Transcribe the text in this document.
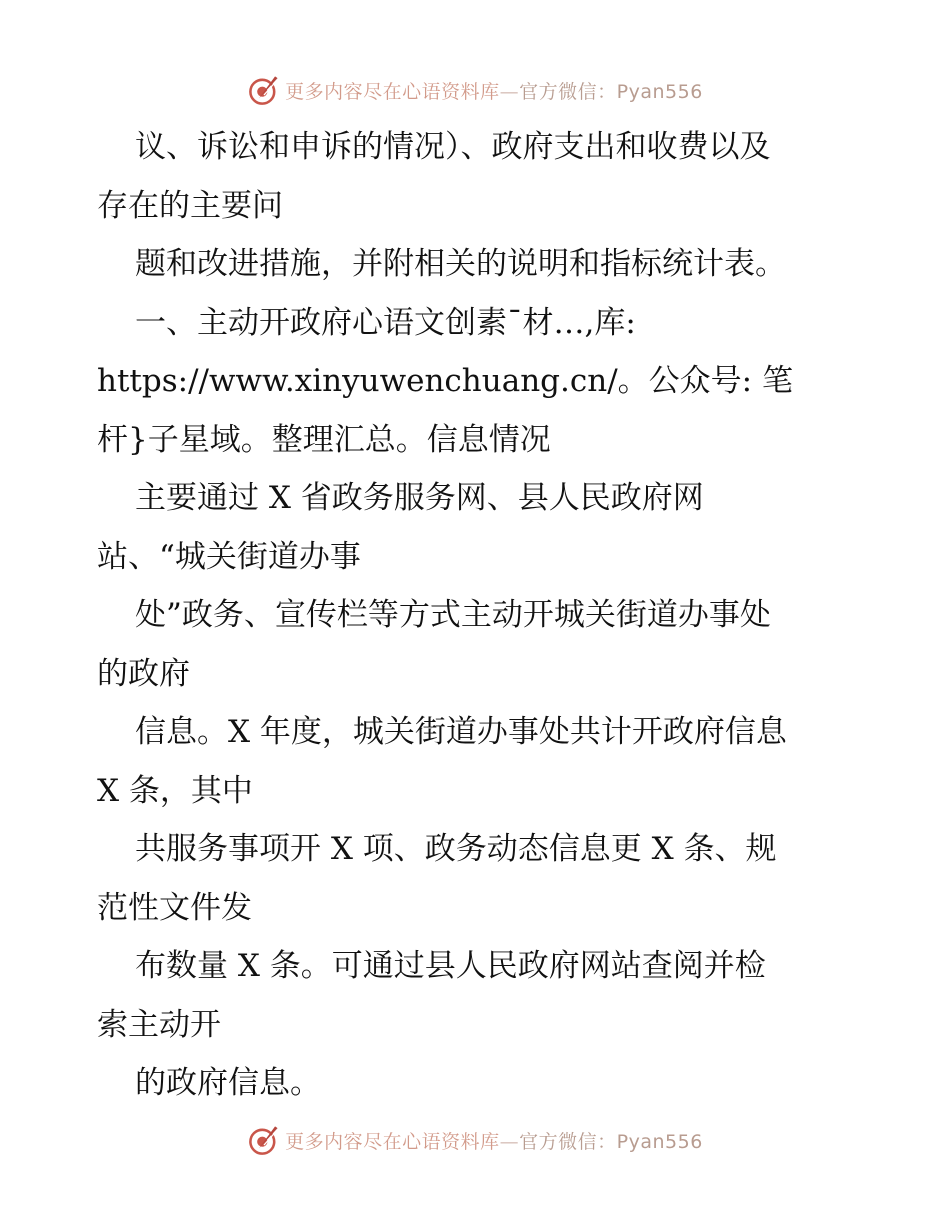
更多内容尽在心语资料库—官方微信：Pyan556
议、诉讼和申诉的情况）、政府支出和收费以及
存在的主要问
题和改进措施，并附相关的说明和指标统计表。
一、主动开政府心语文创素¯材…,库:
https://www.xinyuwenchuang.cn/。公众号: 笔
杆}子星域。整理汇总。信息情况
主要通过 X 省政务服务网、县人民政府网
站、“城关街道办事
处”政务、宣传栏等方式主动开城关街道办事处
的政府
信息。X 年度，城关街道办事处共计开政府信息
X 条，其中
共服务事项开 X 项、政务动态信息更 X 条、规
范性文件发
布数量 X 条。可通过县人民政府网站查阅并检
索主动开
的政府信息。
更多内容尽在心语资料库—官方微信：Pyan556
